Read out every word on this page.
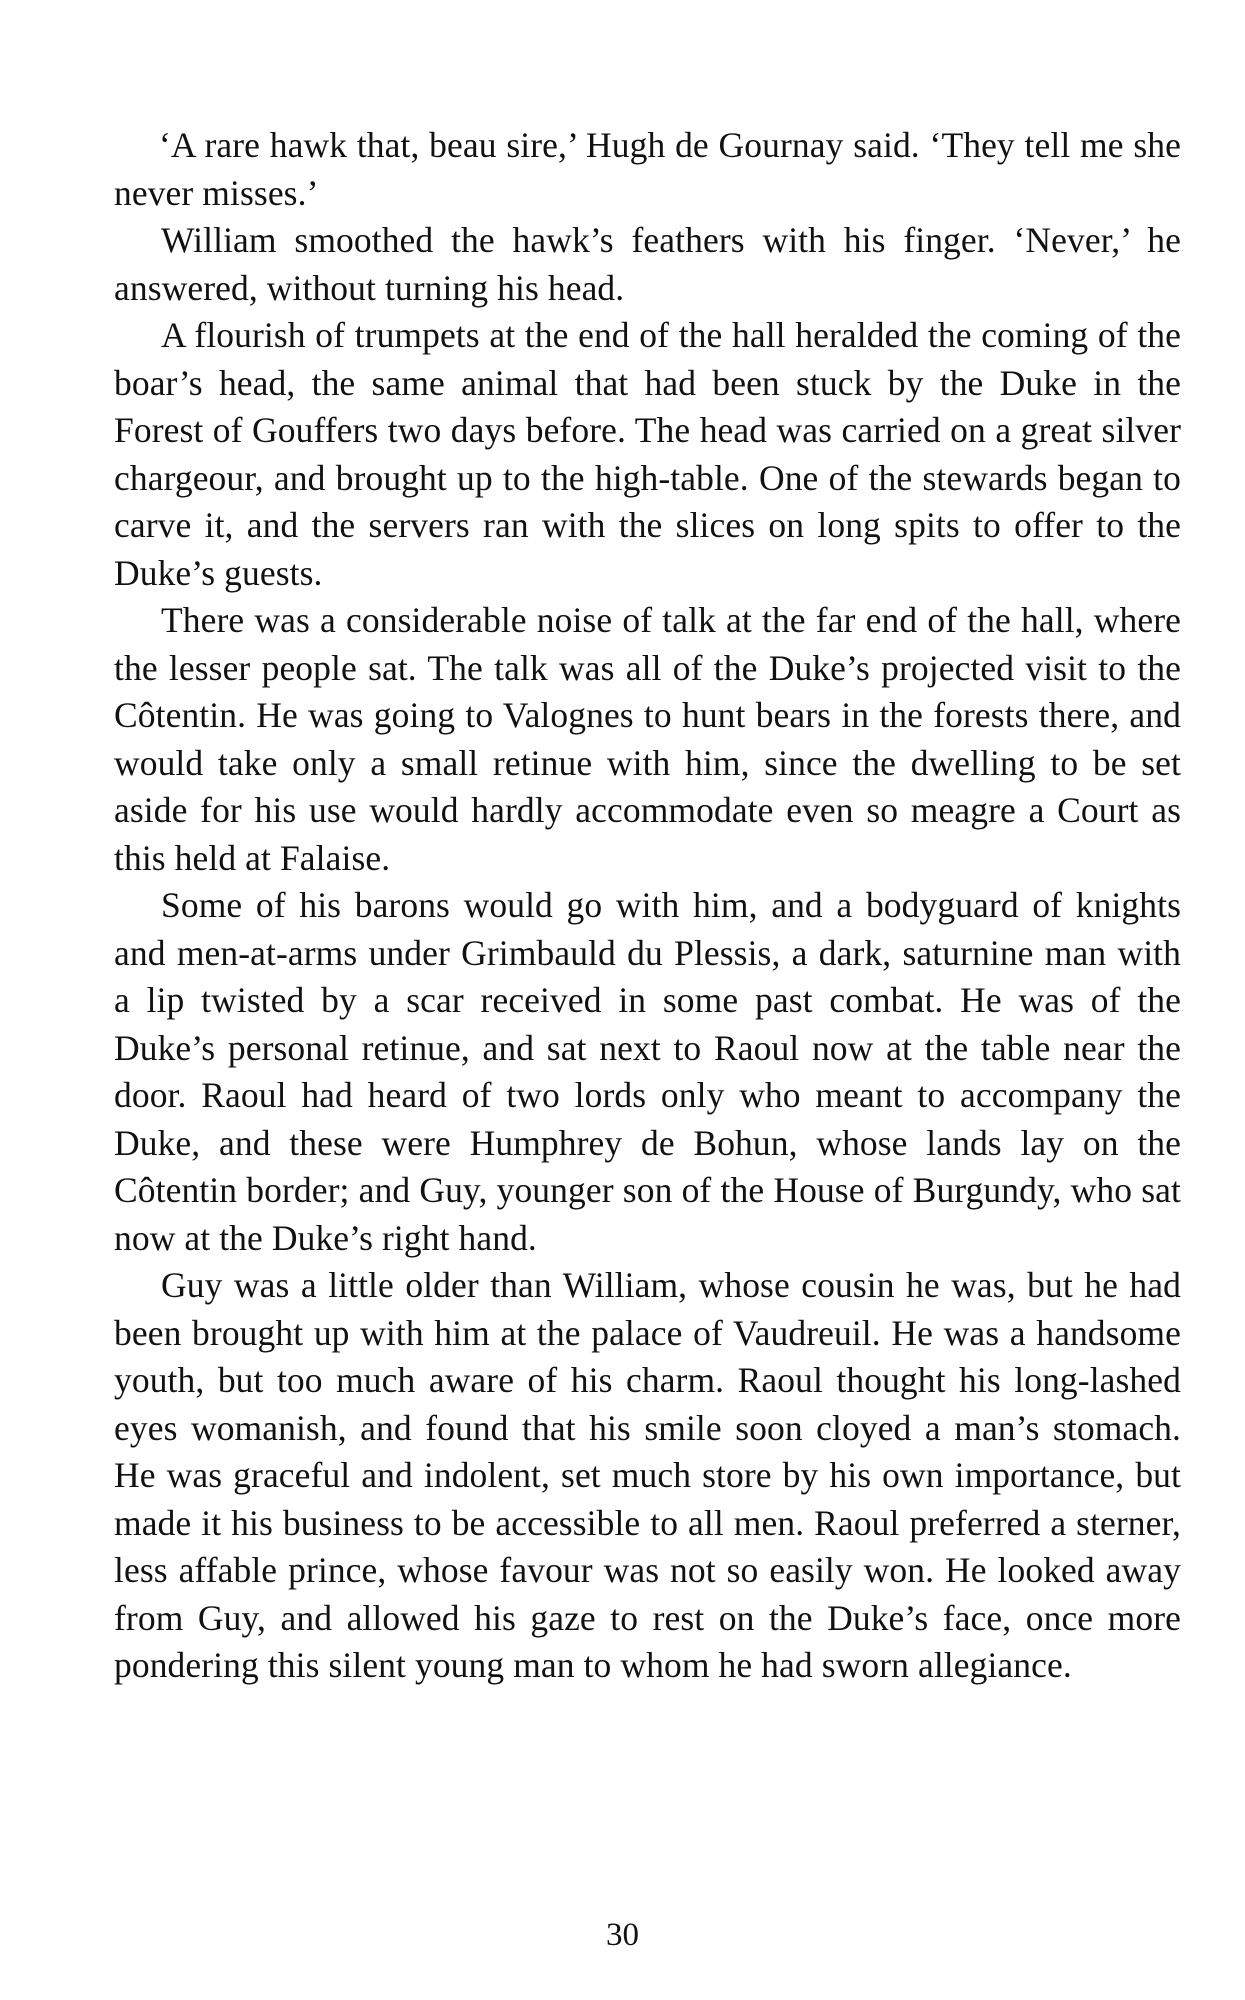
‘A rare hawk that, beau sire,’ Hugh de Gournay said. ‘They tell me she never misses.’

William smoothed the hawk’s feathers with his finger. ‘Never,’ he answered, without turning his head.

A flourish of trumpets at the end of the hall heralded the coming of the boar’s head, the same animal that had been stuck by the Duke in the Forest of Gouffers two days before. The head was carried on a great silver chargeour, and brought up to the high-table. One of the stewards began to carve it, and the servers ran with the slices on long spits to offer to the Duke’s guests.

There was a considerable noise of talk at the far end of the hall, where the lesser people sat. The talk was all of the Duke’s projected visit to the Côtentin. He was going to Valognes to hunt bears in the forests there, and would take only a small retinue with him, since the dwelling to be set aside for his use would hardly accommodate even so meagre a Court as this held at Falaise.

Some of his barons would go with him, and a bodyguard of knights and men-at-arms under Grimbauld du Plessis, a dark, saturnine man with a lip twisted by a scar received in some past combat. He was of the Duke’s personal retinue, and sat next to Raoul now at the table near the door. Raoul had heard of two lords only who meant to accompany the Duke, and these were Humphrey de Bohun, whose lands lay on the Côtentin border; and Guy, younger son of the House of Burgundy, who sat now at the Duke’s right hand.

Guy was a little older than William, whose cousin he was, but he had been brought up with him at the palace of Vaudreuil. He was a handsome youth, but too much aware of his charm. Raoul thought his long-lashed eyes womanish, and found that his smile soon cloyed a man’s stomach. He was graceful and indolent, set much store by his own importance, but made it his business to be accessible to all men. Raoul preferred a sterner, less affable prince, whose favour was not so easily won. He looked away from Guy, and allowed his gaze to rest on the Duke’s face, once more pondering this silent young man to whom he had sworn allegiance.

30
